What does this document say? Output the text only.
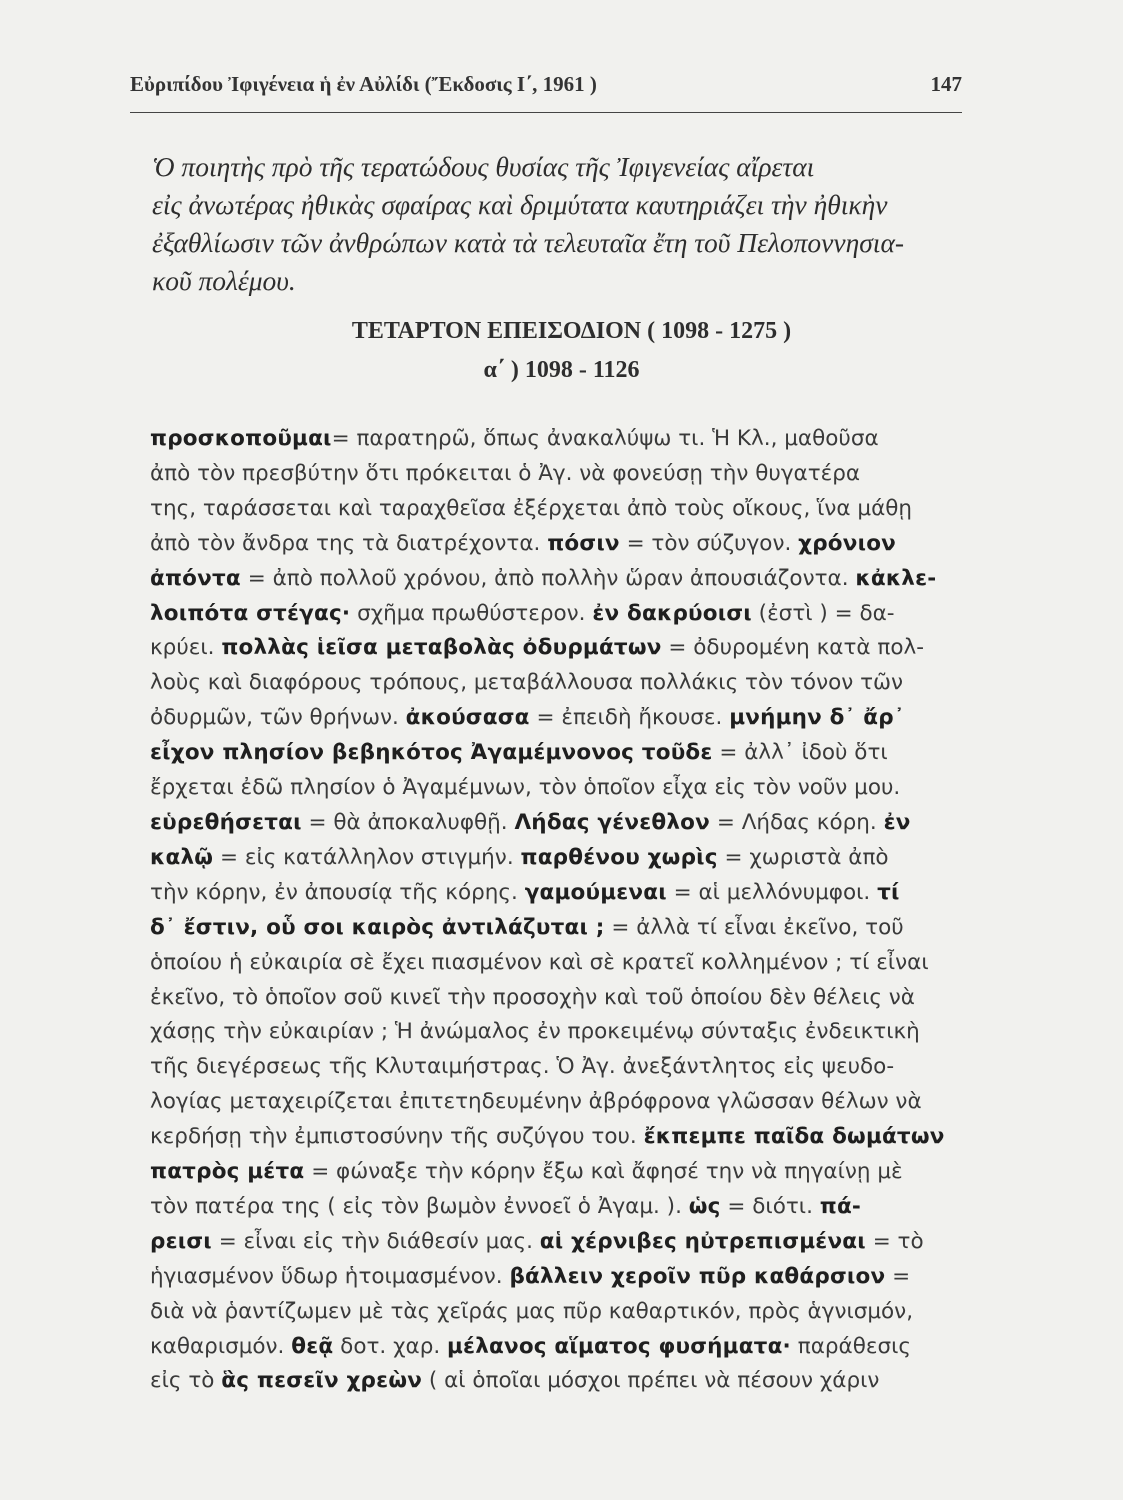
Εὐριπίδου Ἰφιγένεια ἡ ἐν Αὐλίδι (Ἔκδοσις Ι΄, 1961 )	147
Ὁ ποιητὴς πρὸ τῆς τερατώδους θυσίας τῆς Ἰφιγενείας αἴρεται
εἰς ἀνωτέρας ἠθικὰς σφαίρας καὶ δριμύτατα καυτηριάζει τὴν ἠθικὴν
ἐξαθλίωσιν τῶν ἀνθρώπων κατὰ τὰ τελευταῖα ἔτη τοῦ Πελοποννησια-
κοῦ πολέμου.
ΤΕΤΑΡΤΟΝ ΕΠΕΙΣΟΔΙΟΝ ( 1098 - 1275 )
α΄ ) 1098 - 1126
προσκοποῦμαι= παρατηρῶ, ὅπως ἀνακαλύψω τι. Ἡ Κλ., μαθοῦσα
ἀπὸ τὸν πρεσβύτην ὅτι πρόκειται ὁ Ἀγ. νὰ φονεύσῃ τὴν θυγατέρα
της, ταράσσεται καὶ ταραχθεῖσα ἐξέρχεται ἀπὸ τοὺς οἴκους, ἵνα μάθῃ
ἀπὸ τὸν ἄνδρα της τὰ διατρέχοντα. πόσιν = τὸν σύζυγον. χρόνιον
ἀπόντα = ἀπὸ πολλοῦ χρόνου, ἀπὸ πολλὴν ὥραν ἀπουσιάζοντα. κἀκλε-
λοιπότα στέγας· σχῆμα πρωθύστερον. ἐν δακρύοισι (ἐστὶ ) = δα-
κρύει. πολλὰς ἱεῖσα μεταβολὰς ὀδυρμάτων = ὀδυρομένη κατὰ πολ-
λοὺς καὶ διαφόρους τρόπους, μεταβάλλουσα πολλάκις τὸν τόνον τῶν
ὀδυρμῶν, τῶν θρήνων. ἀκούσασα = ἐπειδὴ ἤκουσε. μνήμην δ᾽ ἄρ᾽
εἶχον πλησίον βεβηκότος Ἀγαμέμνονος τοῦδε = ἀλλ᾽ ἰδοὺ ὅτι
ἔρχεται ἐδῶ πλησίον ὁ Ἀγαμέμνων, τὸν ὁποῖον εἶχα εἰς τὸν νοῦν μου.
εὑρεθήσεται = θὰ ἀποκαλυφθῇ. Λήδας γένεθλον = Λήδας κόρη. ἐν
καλῷ = εἰς κατάλληλον στιγμήν. παρθένου χωρὶς = χωριστὰ ἀπὸ
τὴν κόρην, ἐν ἀπουσίᾳ τῆς κόρης. γαμούμεναι = αἱ μελλόνυμφοι. τί
δ᾽ ἔστιν, οὗ σοι καιρὸς ἀντιλάζυται ; = ἀλλὰ τί εἶναι ἐκεῖνο, τοῦ
ὁποίου ἡ εὐκαιρία σὲ ἔχει πιασμένον καὶ σὲ κρατεῖ κολλημένον ; τί εἶναι
ἐκεῖνο, τὸ ὁποῖον σοῦ κινεῖ τὴν προσοχὴν καὶ τοῦ ὁποίου δὲν θέλεις νὰ
χάσῃς τὴν εὐκαιρίαν ; Ἡ ἀνώμαλος ἐν προκειμένῳ σύνταξις ἐνδεικτικὴ
τῆς διεγέρσεως τῆς Κλυταιμήστρας. Ὁ Ἀγ. ἀνεξάντλητος εἰς ψευδο-
λογίας μεταχειρίζεται ἐπιτετηδευμένην ἀβρόφρονα γλῶσσαν θέλων νὰ
κερδήσῃ τὴν ἐμπιστοσύνην τῆς συζύγου του. ἔκπεμπε παῖδα δωμάτων
πατρὸς μέτα = φώναξε τὴν κόρην ἔξω καὶ ἄφησέ την νὰ πηγαίνῃ μὲ
τὸν πατέρα της ( εἰς τὸν βωμὸν ἐννοεῖ ὁ Ἀγαμ. ). ὡς = διότι. πά-
ρεισι = εἶναι εἰς τὴν διάθεσίν μας. αἱ χέρνιβες ηὐτρεπισμέναι = τὸ
ἡγιασμένον ὕδωρ ἡτοιμασμένον. βάλλειν χεροῖν πῦρ καθάρσιον =
διὰ νὰ ῥαντίζωμεν μὲ τὰς χεῖράς μας πῦρ καθαρτικόν, πρὸς ἁγνισμόν,
καθαρισμόν. θεᾷ δοτ. χαρ. μέλανος αἵματος φυσήματα· παράθεσις
εἰς τὸ ἃς πεσεῖν χρεὼν ( αἱ ὁποῖαι μόσχοι πρέπει νὰ πέσουν χάριν
